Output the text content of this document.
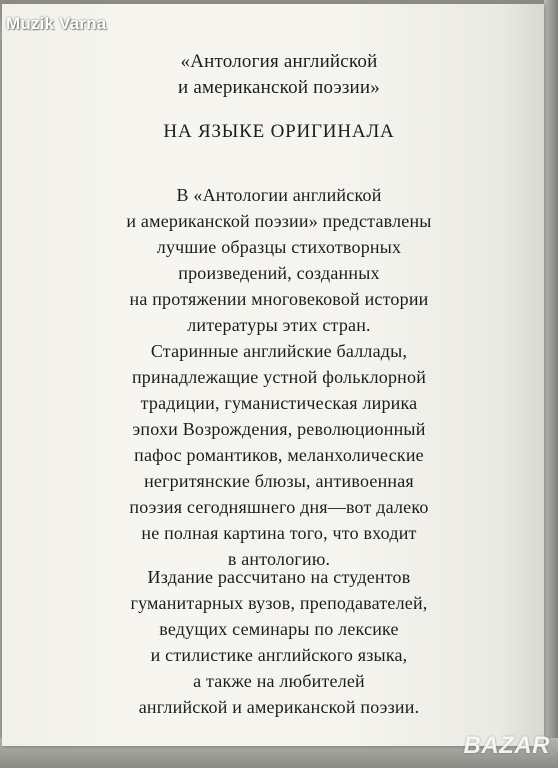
«Антология английской
и американской поэзии»
НА ЯЗЫКЕ ОРИГИНАЛА
В «Антологии английской
и американской поэзии» представлены
лучшие образцы стихотворных
произведений, созданных
на протяжении многовековой истории
литературы этих стран.
Старинные английские баллады,
принадлежащие устной фольклорной
традиции, гуманистическая лирика
эпохи Возрождения, революционный
пафос романтиков, меланхолические
негритянские блюзы, антивоенная
поэзия сегодняшнего дня—вот далеко
не полная картина того, что входит
в антологию.
Издание рассчитано на студентов
гуманитарных вузов, преподавателей,
ведущих семинары по лексике
и стилистике английского языка,
а также на любителей
английской и американской поэзии.
Muzik Varna
BAZAR
